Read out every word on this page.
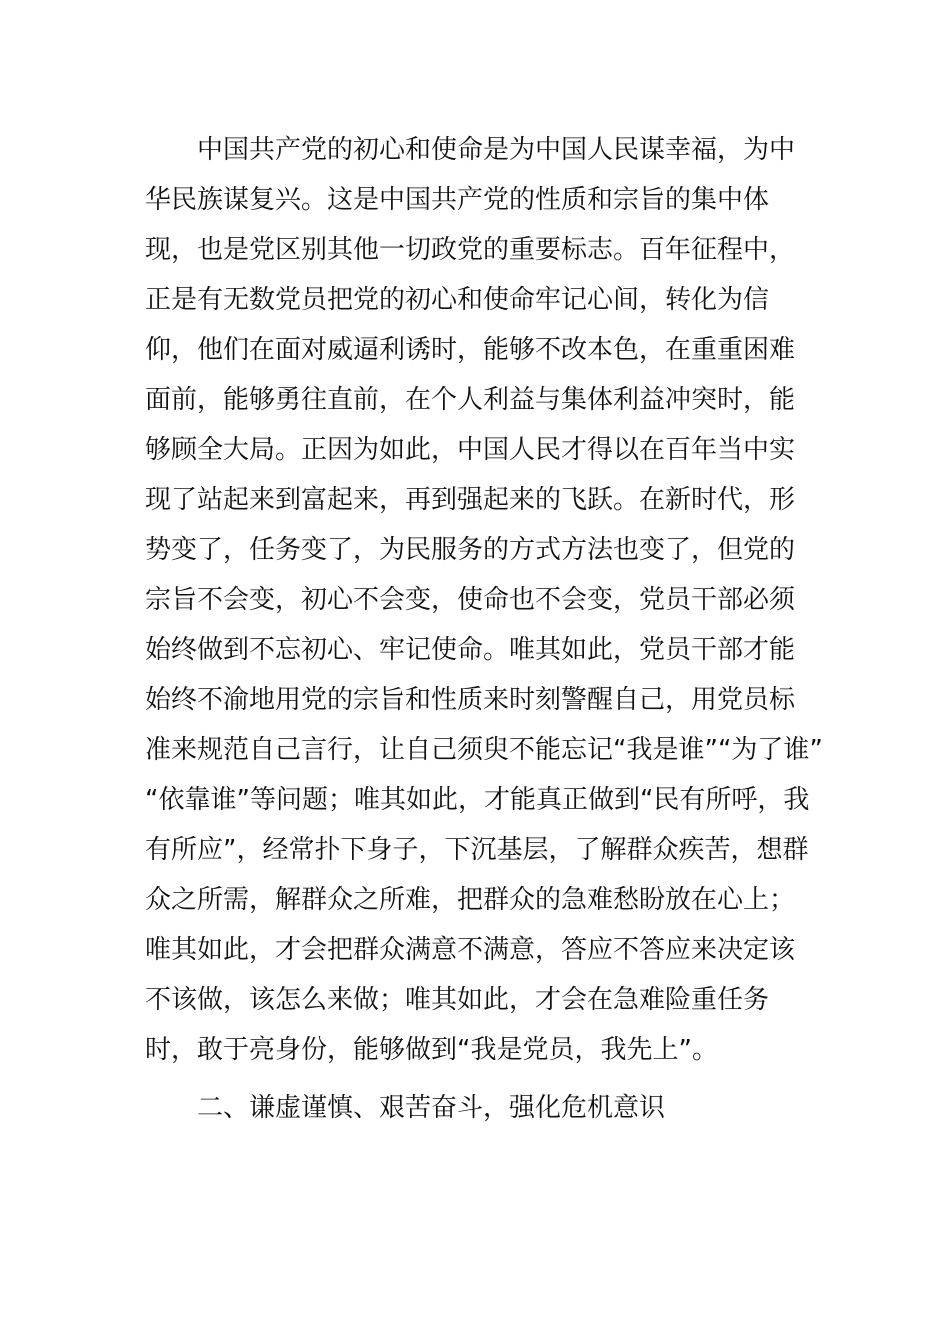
中国共产党的初心和使命是为中国人民谋幸福，为中
华民族谋复兴。这是中国共产党的性质和宗旨的集中体
现，也是党区别其他一切政党的重要标志。百年征程中，
正是有无数党员把党的初心和使命牢记心间，转化为信
仰，他们在面对威逼利诱时，能够不改本色，在重重困难
面前，能够勇往直前，在个人利益与集体利益冲突时，能
够顾全大局。正因为如此，中国人民才得以在百年当中实
现了站起来到富起来，再到强起来的飞跃。在新时代，形
势变了，任务变了，为民服务的方式方法也变了，但党的
宗旨不会变，初心不会变，使命也不会变，党员干部必须
始终做到不忘初心、牢记使命。唯其如此，党员干部才能
始终不渝地用党的宗旨和性质来时刻警醒自己，用党员标
准来规范自己言行，让自己须臾不能忘记“我是谁”“为了谁”
“依靠谁”等问题；唯其如此，才能真正做到“民有所呼，我
有所应”，经常扑下身子，下沉基层，了解群众疾苦，想群
众之所需，解群众之所难，把群众的急难愁盼放在心上；
唯其如此，才会把群众满意不满意，答应不答应来决定该
不该做，该怎么来做；唯其如此，才会在急难险重任务
时，敢于亮身份，能够做到“我是党员，我先上”。
二、谦虚谨慎、艰苦奋斗，强化危机意识
